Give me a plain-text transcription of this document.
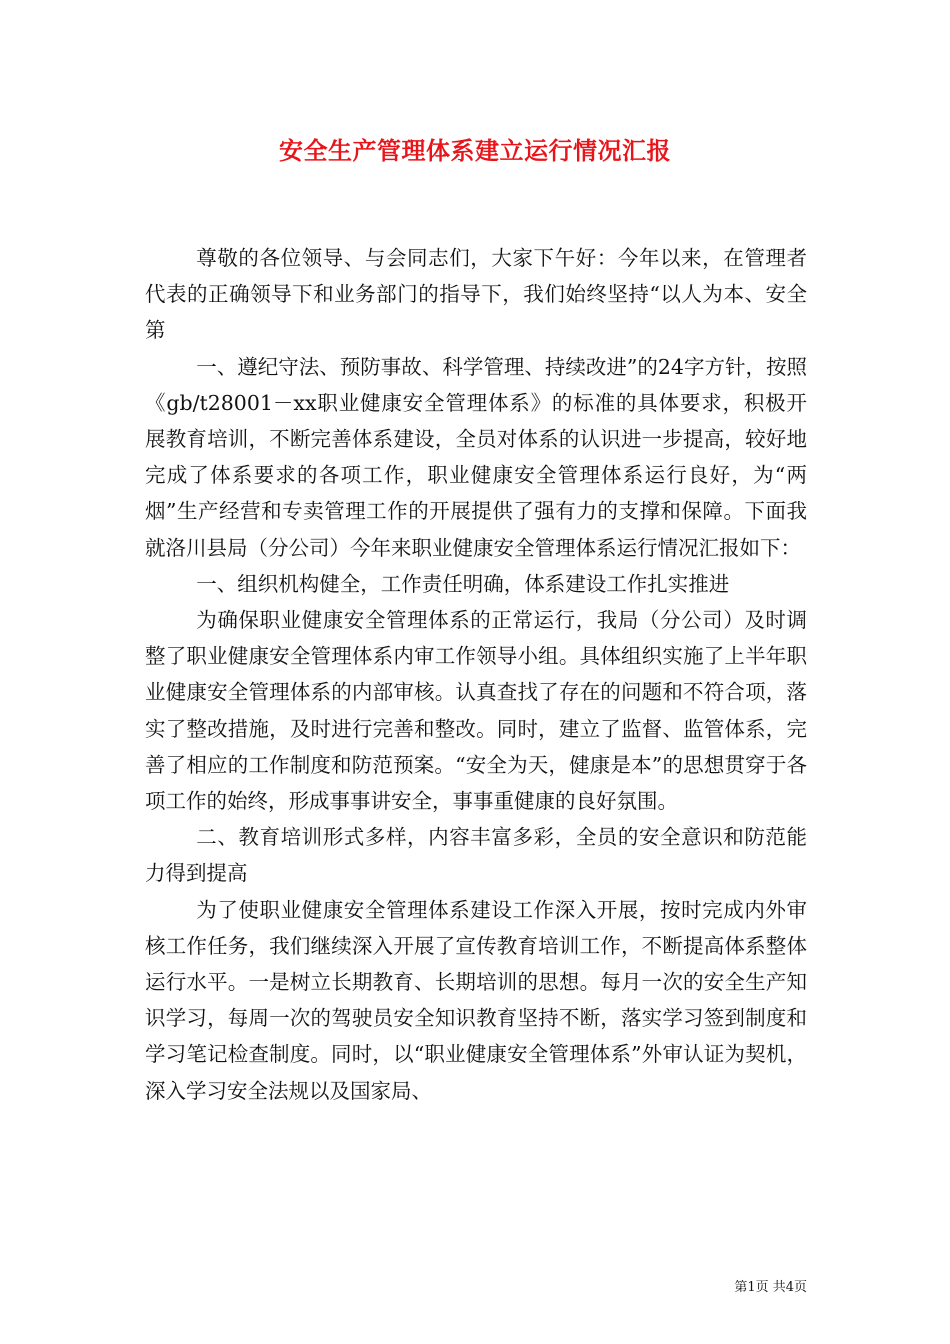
安全生产管理体系建立运行情况汇报

尊敬的各位领导、与会同志们，大家下午好：今年以来，在管理者代表的正确领导下和业务部门的指导下，我们始终坚持“以人为本、安全第

一、遵纪守法、预防事故、科学管理、持续改进”的24字方针，按照《gb/t28001－xx职业健康安全管理体系》的标准的具体要求，积极开展教育培训，不断完善体系建设，全员对体系的认识进一步提高，较好地完成了体系要求的各项工作，职业健康安全管理体系运行良好，为“两烟”生产经营和专卖管理工作的开展提供了强有力的支撑和保障。下面我就洛川县局（分公司）今年来职业健康安全管理体系运行情况汇报如下：

一、组织机构健全，工作责任明确，体系建设工作扎实推进

为确保职业健康安全管理体系的正常运行，我局（分公司）及时调整了职业健康安全管理体系内审工作领导小组。具体组织实施了上半年职业健康安全管理体系的内部审核。认真查找了存在的问题和不符合项，落实了整改措施，及时进行完善和整改。同时，建立了监督、监管体系，完善了相应的工作制度和防范预案。“安全为天，健康是本”的思想贯穿于各项工作的始终，形成事事讲安全，事事重健康的良好氛围。

二、教育培训形式多样，内容丰富多彩，全员的安全意识和防范能力得到提高

为了使职业健康安全管理体系建设工作深入开展，按时完成内外审核工作任务，我们继续深入开展了宣传教育培训工作，不断提高体系整体运行水平。一是树立长期教育、长期培训的思想。每月一次的安全生产知识学习，每周一次的驾驶员安全知识教育坚持不断，落实学习签到制度和学习笔记检查制度。同时，以“职业健康安全管理体系”外审认证为契机，深入学习安全法规以及国家局、

第1页 共4页
